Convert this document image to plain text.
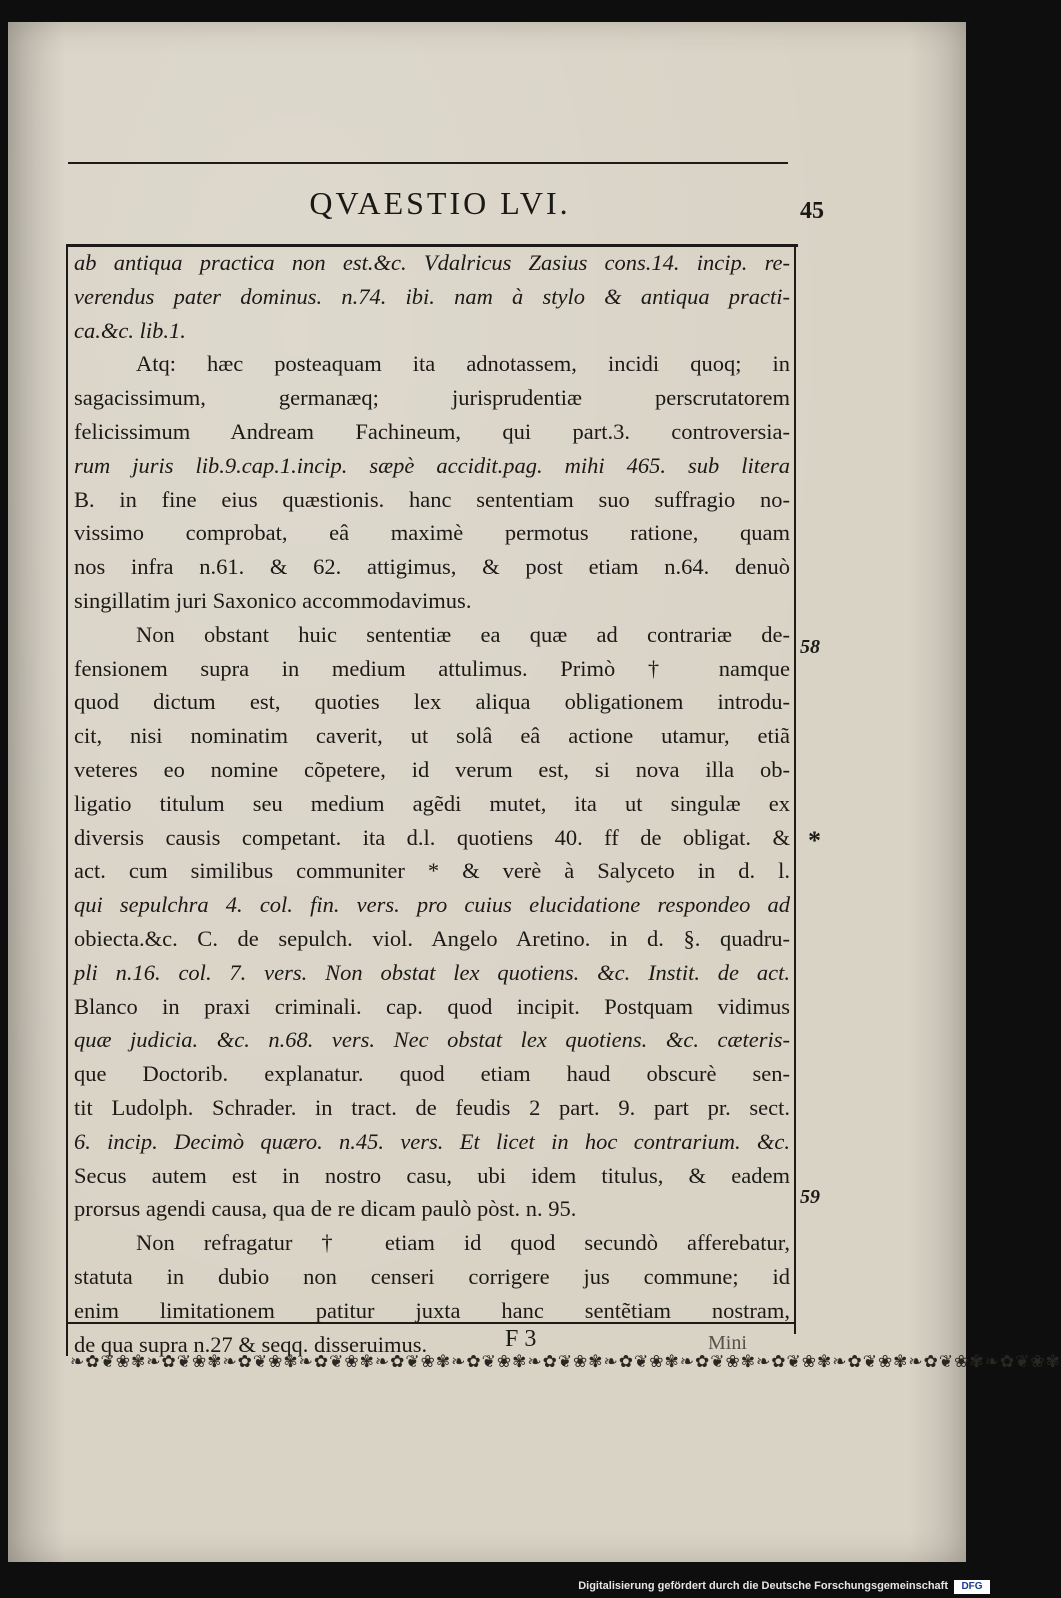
QVAESTIO LVI.	45
ab antiqua practica non est.&c. Vdalricus Zasius cons.14. incip. re-
verendus pater dominus. n.74. ibi. nam à stylo & antiqua practi-
ca.&c. lib.1.
Atq: hæc posteaquam ita adnotassem, incidi quoq; in
sagacissimum, germanæq; jurisprudentiæ perscrutatorem
felicissimum Andream Fachineum, qui part.3. controversia-
rum juris lib.9.cap.1.incip. sæpè accidit.pag. mihi 465. sub litera
B. in fine eius quæstionis. hanc sententiam suo suffragio no-
vissimo comprobat, eâ maximè permotus ratione, quam
nos infra n.61. & 62. attigimus, & post etiam n.64. denuò
singillatim juri Saxonico accommodavimus.
Non obstant huic sententiæ ea quæ ad contrariæ de-
fensionem supra in medium attulimus. Primò † namque
quod dictum est, quoties lex aliqua obligationem introdu-
cit, nisi nominatim caverit, ut solâ eâ actione utamur, etiã
veteres eo nomine cõpetere, id verum est, si nova illa ob-
ligatio titulum seu medium agẽdi mutet, ita ut singulæ ex
diversis causis competant. ita d.l. quotiens 40. ff de obligat. &
act. cum similibus communiter * & verè à Salyceto in d. l.
qui sepulchra 4. col. fin. vers. pro cuius elucidatione respondeo ad
obiecta.&c. C. de sepulch. viol. Angelo Aretino. in d. §. quadru-
pli n.16. col. 7. vers. Non obstat lex quotiens. &c. Instit. de act.
Blanco in praxi criminali. cap. quod incipit. Postquam vidimus
quæ judicia. &c. n.68. vers. Nec obstat lex quotiens. &c. cæteris-
que Doctorib. explanatur. quod etiam haud obscurè sen-
tit Ludolph. Schrader. in tract. de feudis 2 part. 9. part pr. sect.
6. incip. Decimò quæro. n.45. vers. Et licet in hoc contrarium. &c.
Secus autem est in nostro casu, ubi idem titulus, & eadem
prorsus agendi causa, qua de re dicam paulò pòst. n. 95.
Non refragatur † etiam id quod secundò afferebatur,
statuta in dubio non censeri corrigere jus commune; id
enim limitationem patitur juxta hanc sentẽtiam nostram,
de qua supra n.27 & seqq. disseruimus.
58
*
59
F 3	Mini
❧✿❦❀✾❧✿❦❀✾❧✿❦❀✾❧✿❦❀✾❧✿❦❀✾❧✿❦❀✾❧✿❦❀✾❧✿❦❀✾❧✿❦❀✾❧✿❦❀✾❧✿❦❀✾❧✿❦❀✾❧✿❦❀✾
Digitalisierung gefördert durch die Deutsche Forschungsgemeinschaft	DFG
